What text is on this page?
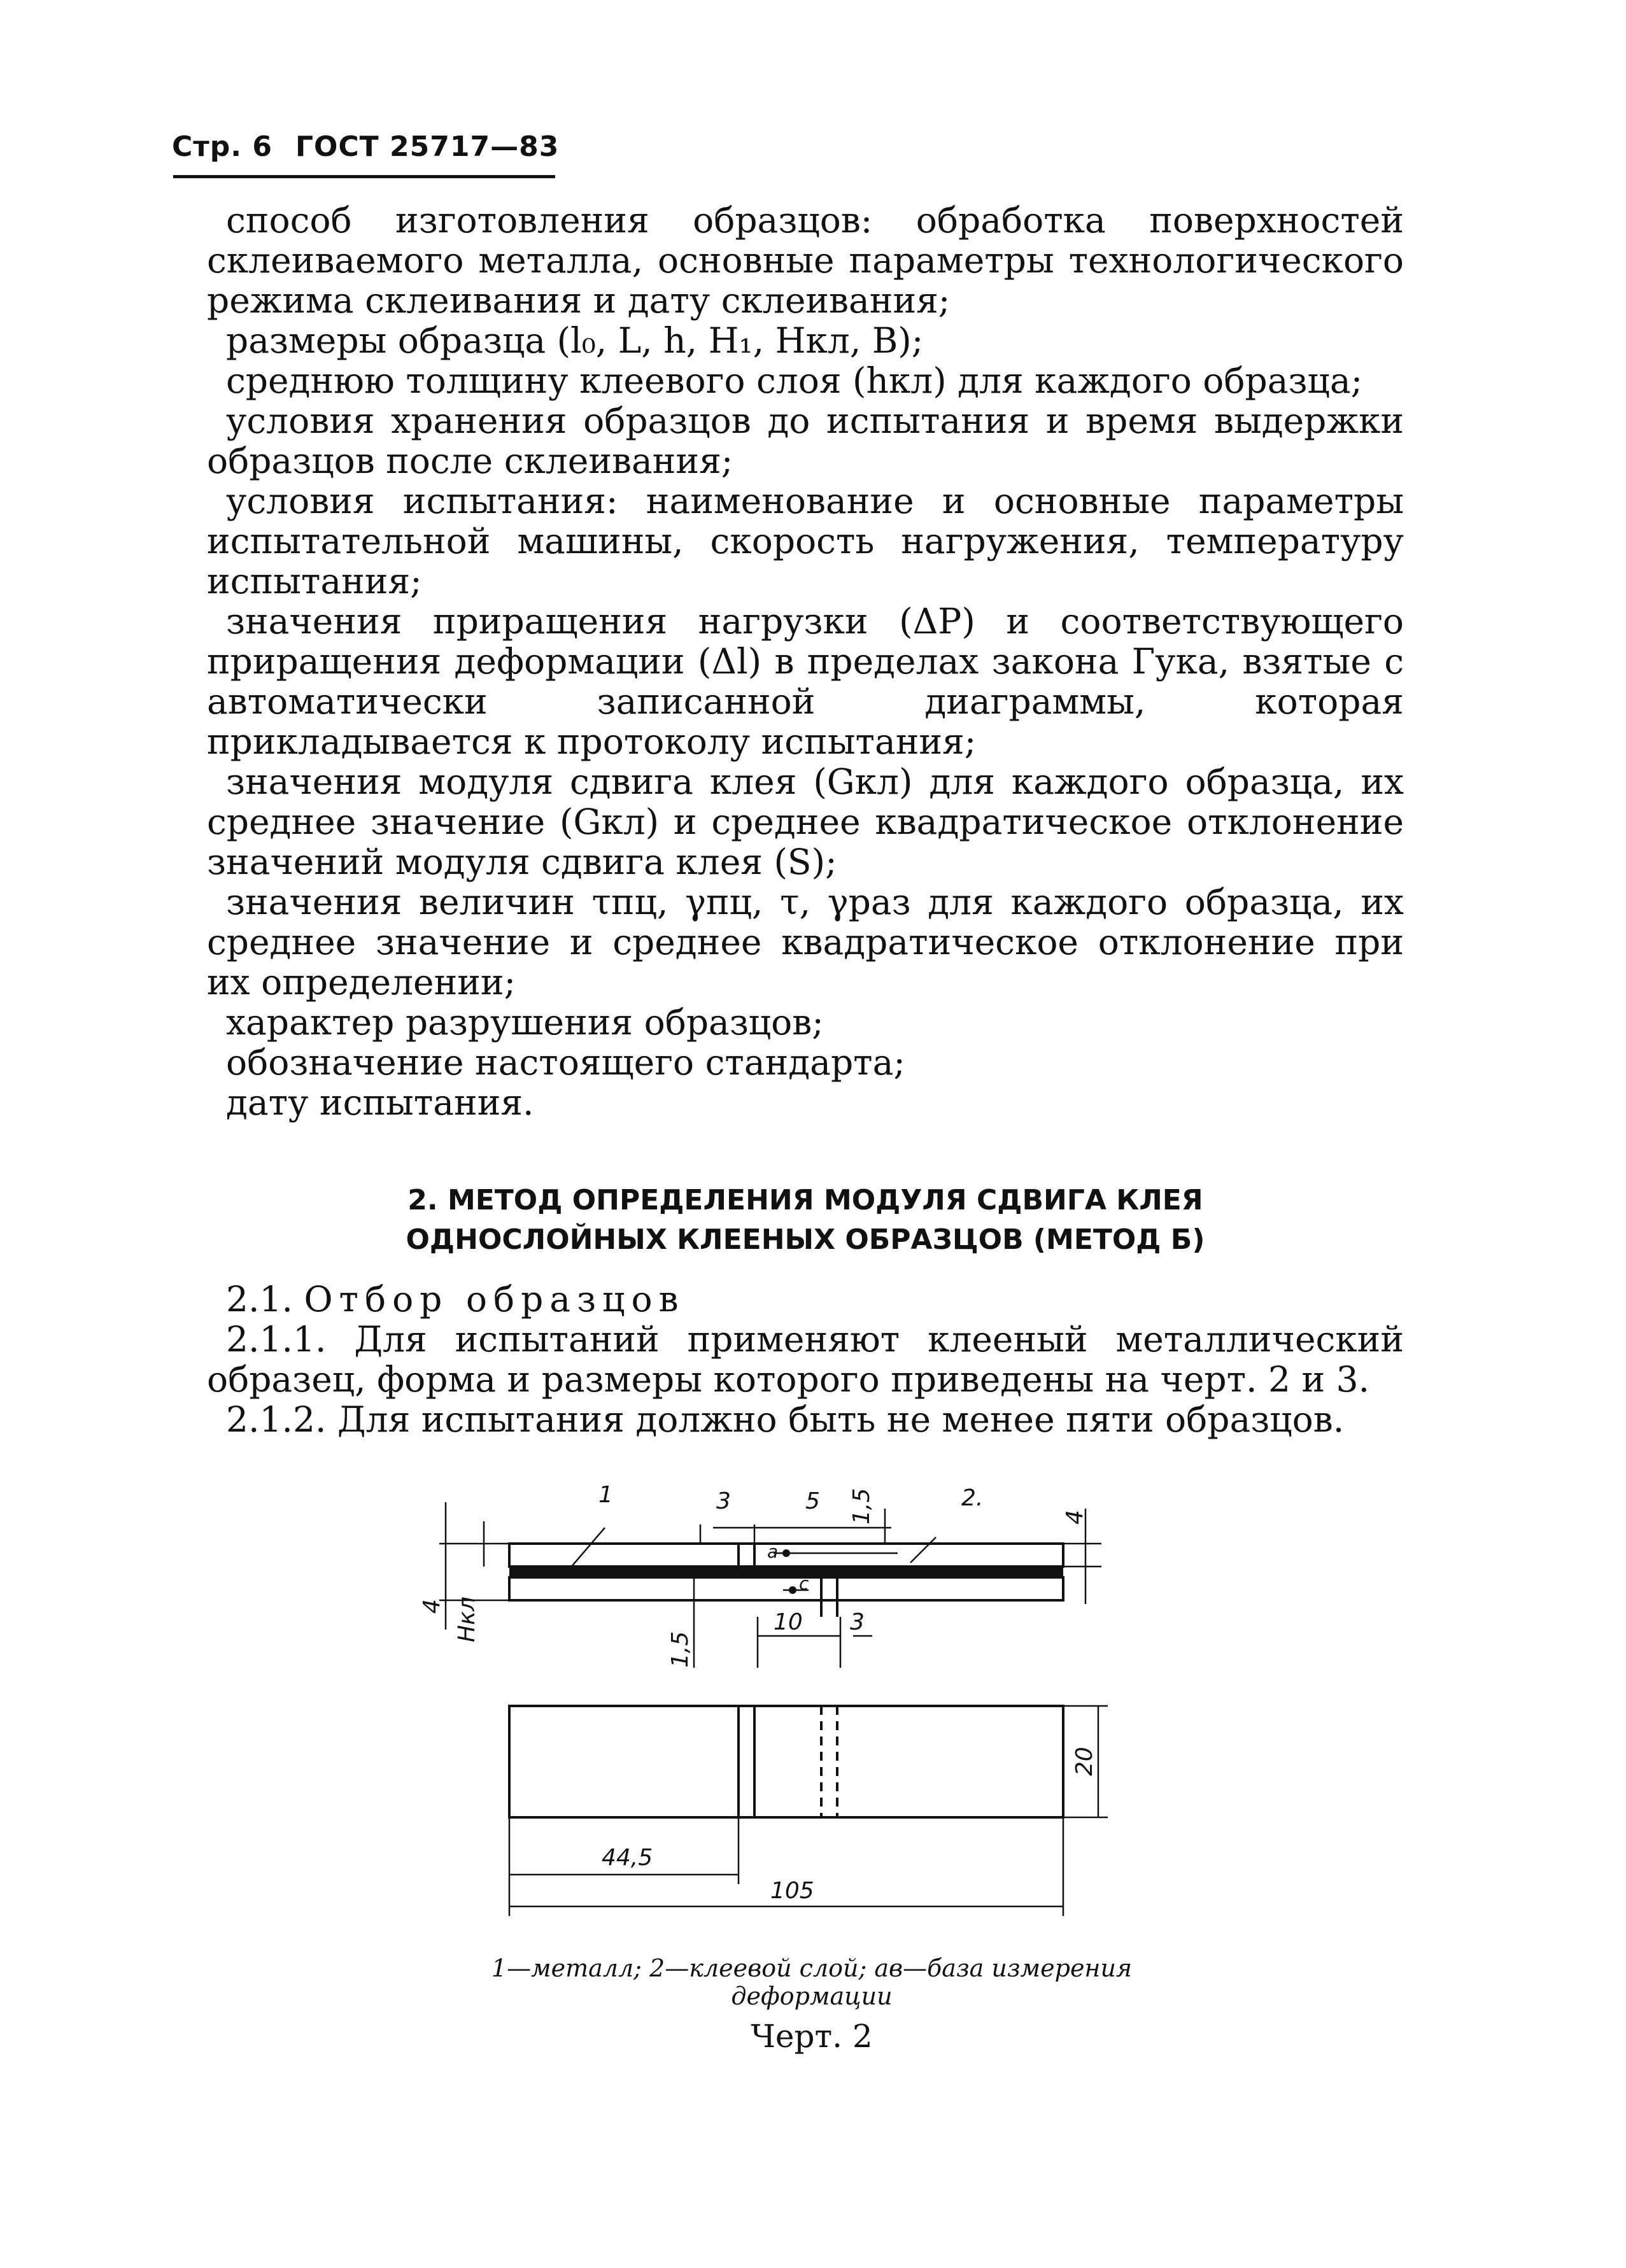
Стр. 6 ГОСТ 25717—83

способ изготовления образцов: обработка поверхностей склеиваемого металла, основные параметры технологического режима склеивания и дату склеивания;

размеры образца (l₀, L, h, H₁, Hкл, B);

среднюю толщину клеевого слоя (hкл) для каждого образца;

условия хранения образцов до испытания и время выдержки образцов после склеивания;

условия испытания: наименование и основные параметры испытательной машины, скорость нагружения, температуру испытания;

значения приращения нагрузки (ΔP) и соответствующего приращения деформации (Δl) в пределах закона Гука, взятые с автоматически записанной диаграммы, которая прикладывается к протоколу испытания;

значения модуля сдвига клея (Gкл) для каждого образца, их среднее значение (Gкл) и среднее квадратическое отклонение значений модуля сдвига клея (S);

значения величин τпц, γпц, τ, γраз для каждого образца, их среднее значение и среднее квадратическое отклонение при их определении;

характер разрушения образцов;

обозначение настоящего стандарта;

дату испытания.

2. МЕТОД ОПРЕДЕЛЕНИЯ МОДУЛЯ СДВИГА КЛЕЯ
ОДНОСЛОЙНЫХ КЛЕЕНЫХ ОБРАЗЦОВ (МЕТОД Б)

2.1. Отбор образцов

2.1.1. Для испытаний применяют клееный металлический образец, форма и размеры которого приведены на черт. 2 и 3.

2.1.2. Для испытания должно быть не менее пяти образцов.

1	2.
3	5 1,5	4
4 Hкл
1,5
10 3
a
c
20
44,5
105
1—металл; 2—клеевой слой; ав—база измерения деформации
Черт. 2
